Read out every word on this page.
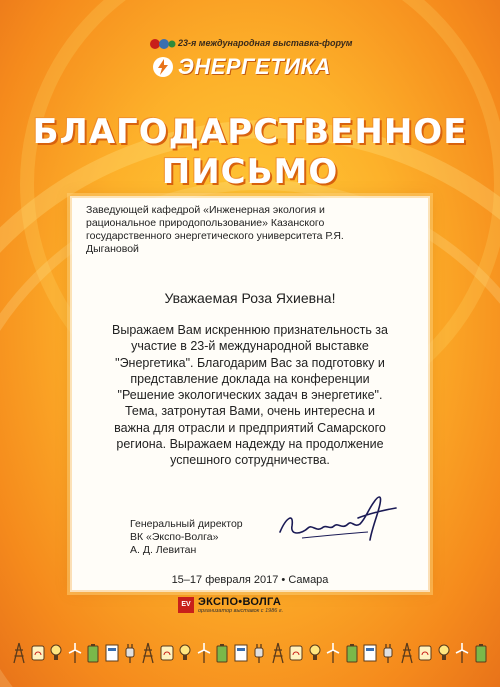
23-я международная выставка-форум
ЭНЕРГЕТИКА
БЛАГОДАРСТВЕННОЕ
ПИСЬМО
Заведующей кафедрой «Инженерная экология и
рациональное природопользование» Казанского
государственного энергетического университета Р.Я.
Дыгановой
Уважаемая Роза Яхиевна!
Выражаем Вам искреннюю признательность за
участие в 23-й международной выставке
"Энергетика". Благодарим Вас за подготовку и
представление доклада на конференции
"Решение экологических задач в энергетике".
Тема, затронутая Вами, очень интересна и
важна для отрасли и предприятий Самарского
региона. Выражаем надежду на продолжение
успешного сотрудничества.
Генеральный директор
ВК «Экспо-Волга»
А. Д. Левитан
15–17 февраля 2017 • Самара
EV ЭКСПО•ВОЛГА
организатор выставок с 1986 г.
